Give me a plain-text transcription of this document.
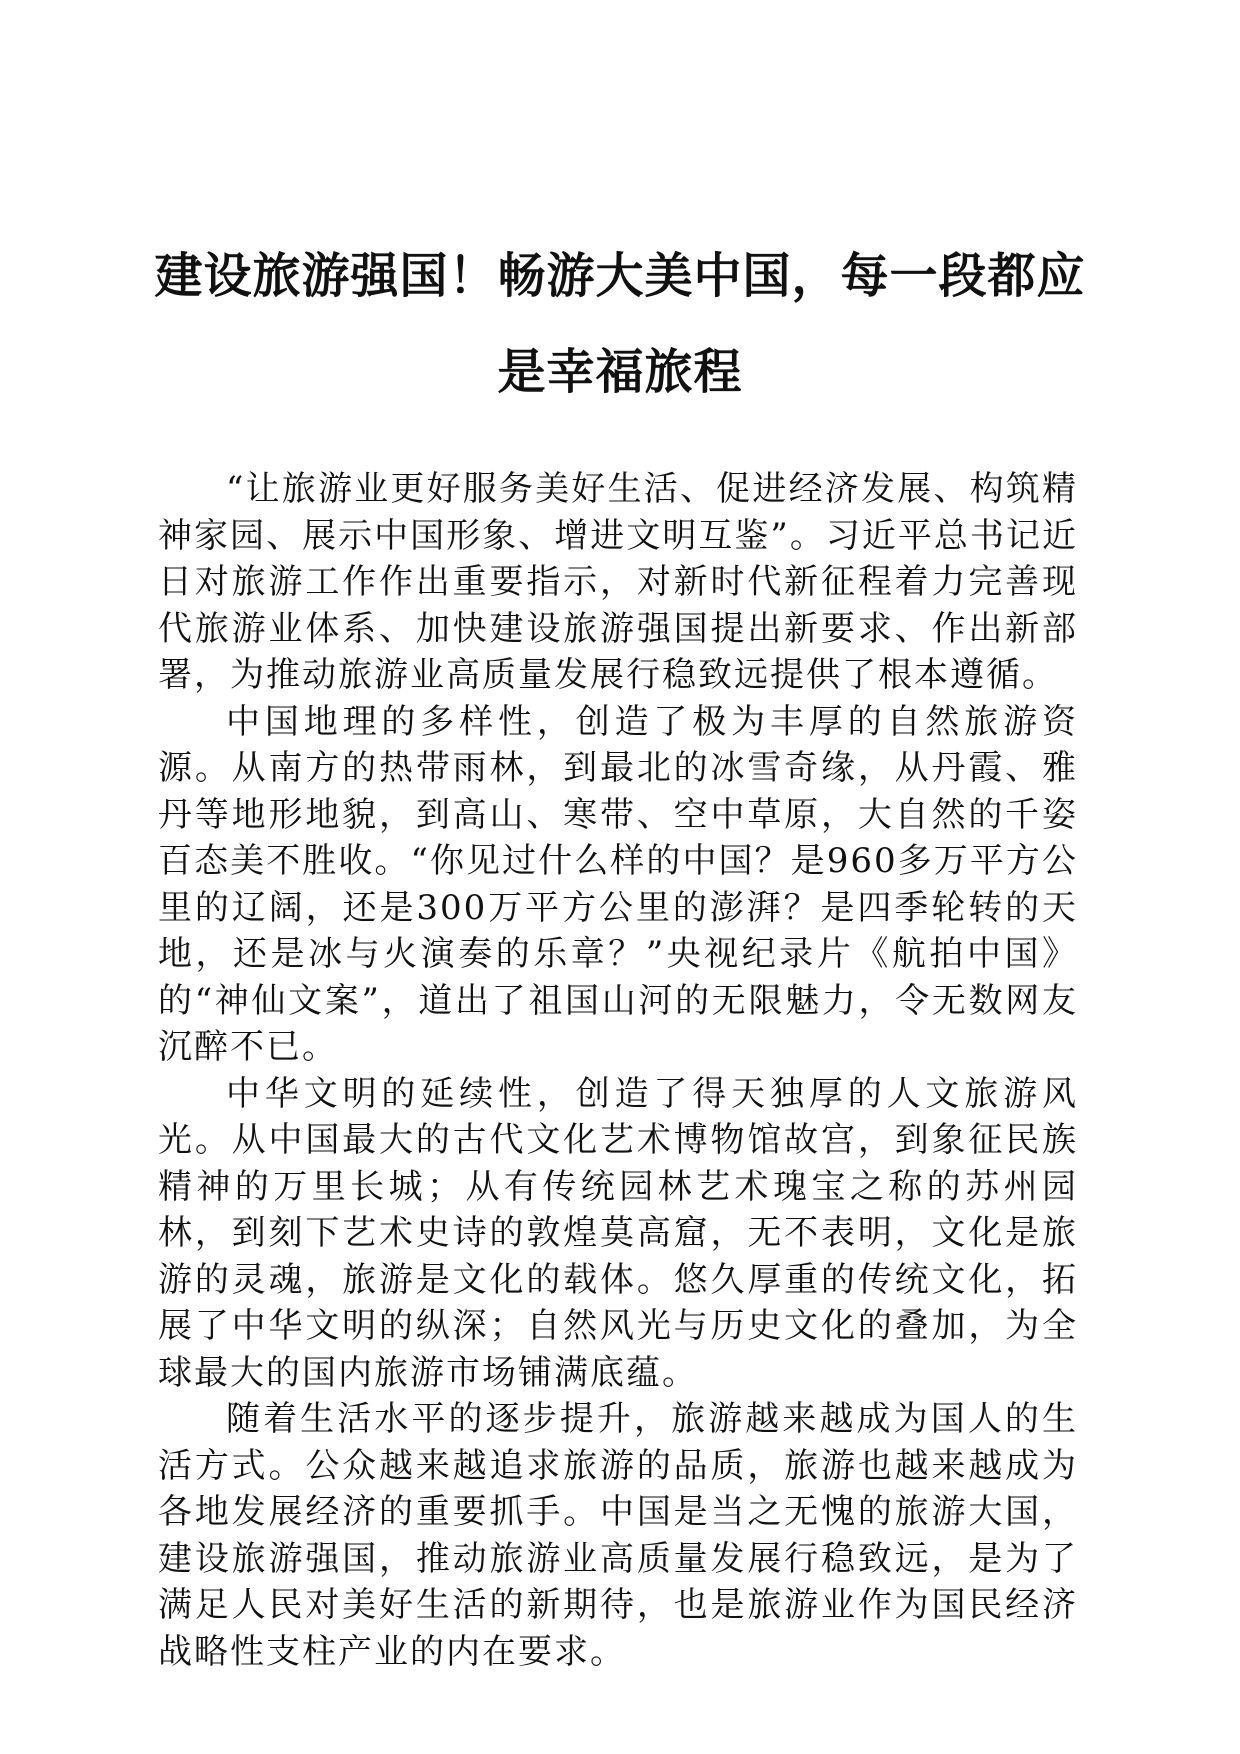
建设旅游强国！畅游大美中国，每一段都应
是幸福旅程

“让旅游业更好服务美好生活、促进经济发展、构筑精神家园、展示中国形象、增进文明互鉴”。习近平总书记近日对旅游工作作出重要指示，对新时代新征程着力完善现代旅游业体系、加快建设旅游强国提出新要求、作出新部署，为推动旅游业高质量发展行稳致远提供了根本遵循。

中国地理的多样性，创造了极为丰厚的自然旅游资源。从南方的热带雨林，到最北的冰雪奇缘，从丹霞、雅丹等地形地貌，到高山、寒带、空中草原，大自然的千姿百态美不胜收。“你见过什么样的中国？是960多万平方公里的辽阔，还是300万平方公里的澎湃？是四季轮转的天地，还是冰与火演奏的乐章？”央视纪录片《航拍中国》的“神仙文案”，道出了祖国山河的无限魅力，令无数网友沉醉不已。

中华文明的延续性，创造了得天独厚的人文旅游风光。从中国最大的古代文化艺术博物馆故宫，到象征民族精神的万里长城；从有传统园林艺术瑰宝之称的苏州园林，到刻下艺术史诗的敦煌莫高窟，无不表明，文化是旅游的灵魂，旅游是文化的载体。悠久厚重的传统文化，拓展了中华文明的纵深；自然风光与历史文化的叠加，为全球最大的国内旅游市场铺满底蕴。

随着生活水平的逐步提升，旅游越来越成为国人的生活方式。公众越来越追求旅游的品质，旅游也越来越成为各地发展经济的重要抓手。中国是当之无愧的旅游大国，建设旅游强国，推动旅游业高质量发展行稳致远，是为了满足人民对美好生活的新期待，也是旅游业作为国民经济战略性支柱产业的内在要求。
